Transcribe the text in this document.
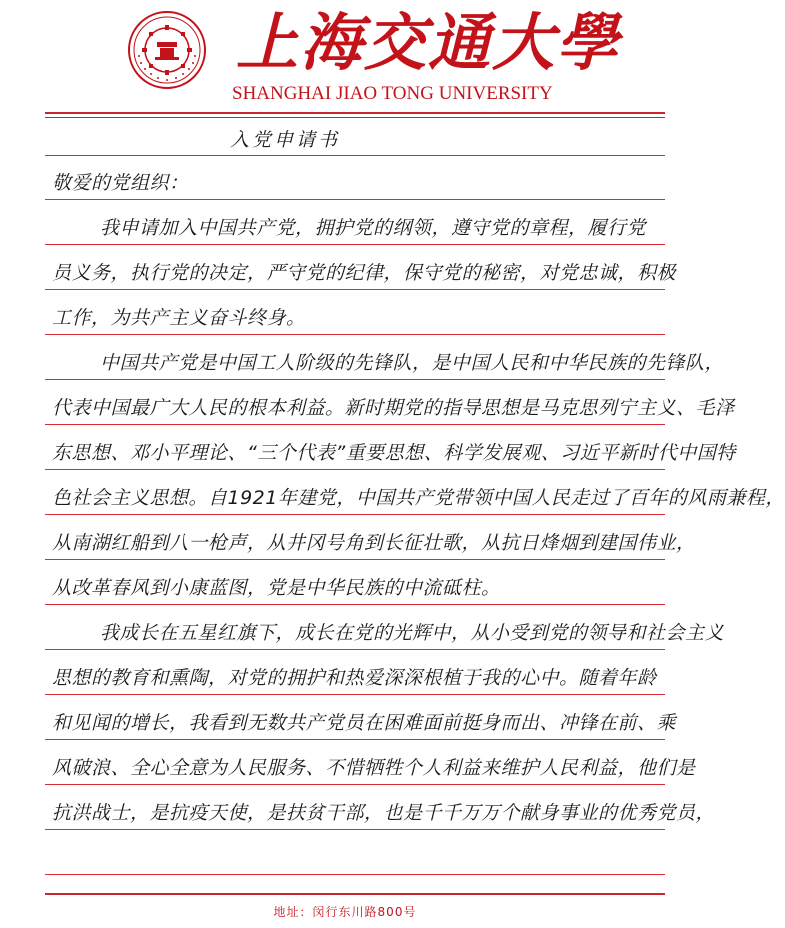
上海交通大學
SHANGHAI JIAO TONG UNIVERSITY
入党申请书
敬爱的党组织：
我申请加入中国共产党，拥护党的纲领，遵守党的章程，履行党
员义务，执行党的决定，严守党的纪律，保守党的秘密，对党忠诚，积极
工作，为共产主义奋斗终身。
中国共产党是中国工人阶级的先锋队，是中国人民和中华民族的先锋队，
代表中国最广大人民的根本利益。新时期党的指导思想是马克思列宁主义、毛泽
东思想、邓小平理论、“三个代表”重要思想、科学发展观、习近平新时代中国特
色社会主义思想。自1921年建党，中国共产党带领中国人民走过了百年的风雨兼程，
从南湖红船到八一枪声，从井冈号角到长征壮歌，从抗日烽烟到建国伟业，
从改革春风到小康蓝图，党是中华民族的中流砥柱。
我成长在五星红旗下，成长在党的光辉中，从小受到党的领导和社会主义
思想的教育和熏陶，对党的拥护和热爱深深根植于我的心中。随着年龄
和见闻的增长，我看到无数共产党员在困难面前挺身而出、冲锋在前、乘
风破浪、全心全意为人民服务、不惜牺牲个人利益来维护人民利益，他们是
抗洪战士，是抗疫天使，是扶贫干部，也是千千万万个献身事业的优秀党员，
地址：闵行东川路800号
